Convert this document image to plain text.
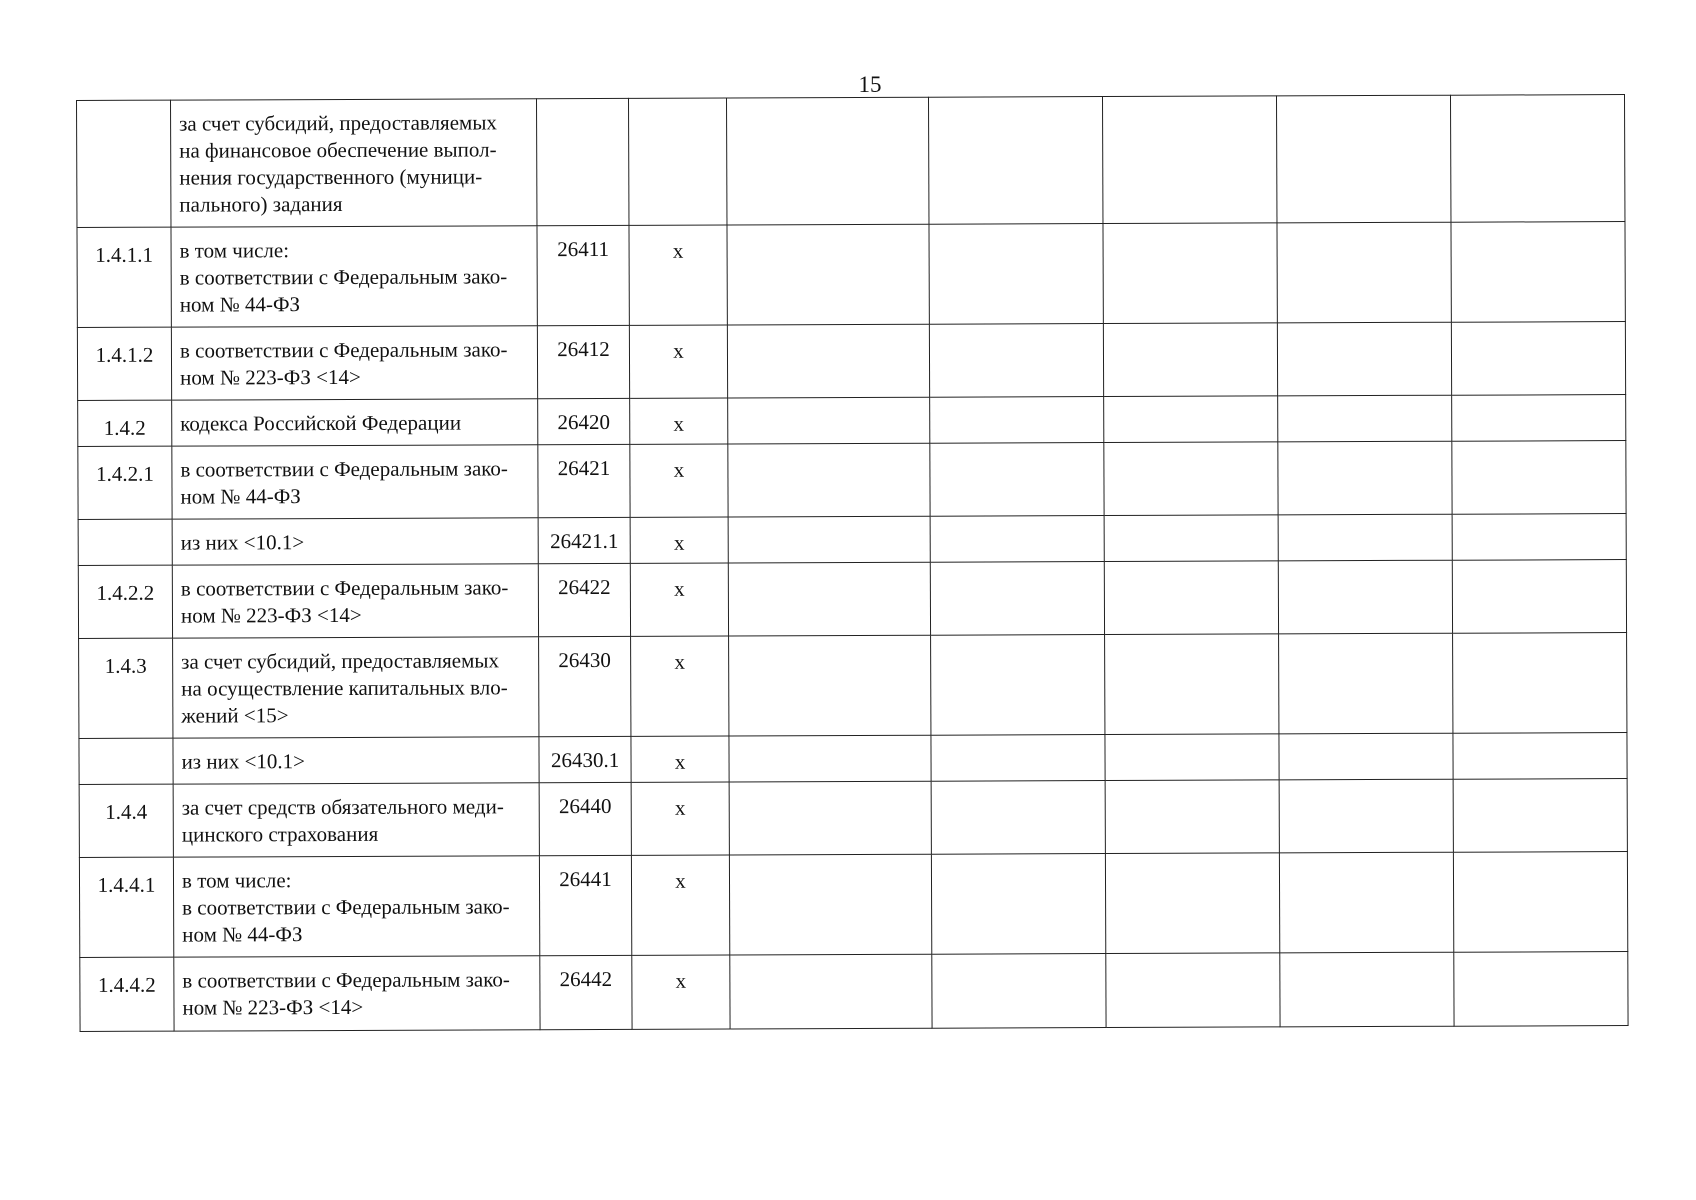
15

	за счет субсидий, предоставляемых
на финансовое обеспечение выпол-
нения государственного (муници-
пального) задания							

1.4.1.1	в том числе:
в соответствии с Федеральным зако-
ном № 44-ФЗ	26411	x					
1.4.1.2	в соответствии с Федеральным зако-
ном № 223-ФЗ <14>	26412	x					
1.4.2	кодекса Российской Федерации	26420	x					
1.4.2.1	в соответствии с Федеральным зако-
ном № 44-ФЗ	26421	x					

	из них <10.1>	26421.1	x					
1.4.2.2	в соответствии с Федеральным зако-
ном № 223-ФЗ <14>	26422	x					
1.4.3	за счет субсидий, предоставляемых
на осуществление капитальных вло-
жений <15>	26430	x					

	из них <10.1>	26430.1	x					
1.4.4	за счет средств обязательного меди-
цинского страхования	26440	x					
1.4.4.1	в том числе:
в соответствии с Федеральным зако-
ном № 44-ФЗ	26441	x					
1.4.4.2	в соответствии с Федеральным зако-
ном № 223-ФЗ <14>	26442	x					
